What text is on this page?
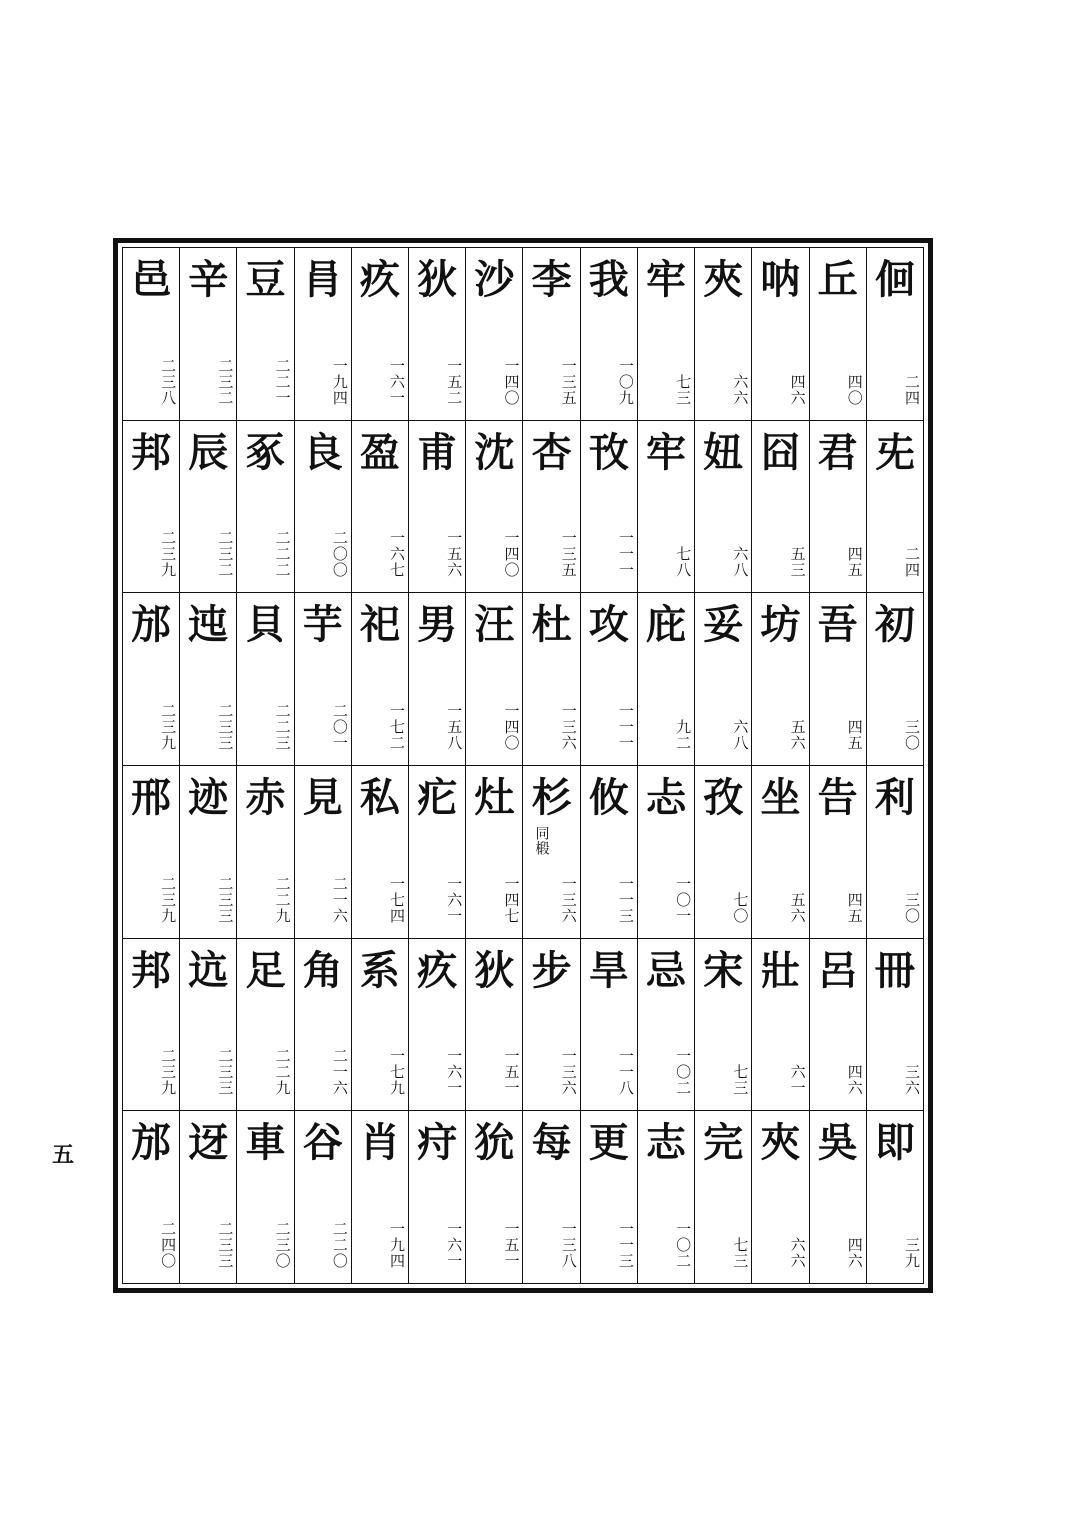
五
佪
二四
兂
二四
初
三〇
利
三〇
冊
三六
即
三九
丘
四〇
君
四五
吾
四五
告
四五
呂
四六
吳
四六
呐
四六
囧
五三
坊
五六
坐
五六
壯
六一
夾
六六
夾
六六
妞
六八
妥
六八
孜
七〇
宋
七三
完
七三
牢
七三
牢
七八
庇
九二
忐
一〇一
忌
一〇二
志
一〇二
我
一〇九
攼
一一一
攻
一一一
攸
一一三
旱
一一八
更
一一三
李
一三五
杏
一三五
杜
一三六
杉
同椴
一三六
步
一三六
每
一三八
沙
一四〇
沈
一四〇
汪
一四〇
灶
一四七
狄
一五一
狁
一五一
狄
一五二
甫
一五六
男
一五八
疕
一六一
疚
一六一
疛
一六一
疚
一六一
盈
一六七
祀
一七二
私
一七四
系
一七九
肖
一九四
肙
一九四
良
二〇〇
芋
二〇一
見
二一六
角
二一六
谷
二二〇
豆
二二一
豖
二二二
貝
二二三
赤
二二九
足
二二九
車
二三〇
辛
二三二
辰
二三二
迍
二三三
迹
二三三
迒
二三三
迓
二三三
邑
二三八
邦
二三九
邡
二三九
邢
二三九
邦
二三九
邡
二四〇
